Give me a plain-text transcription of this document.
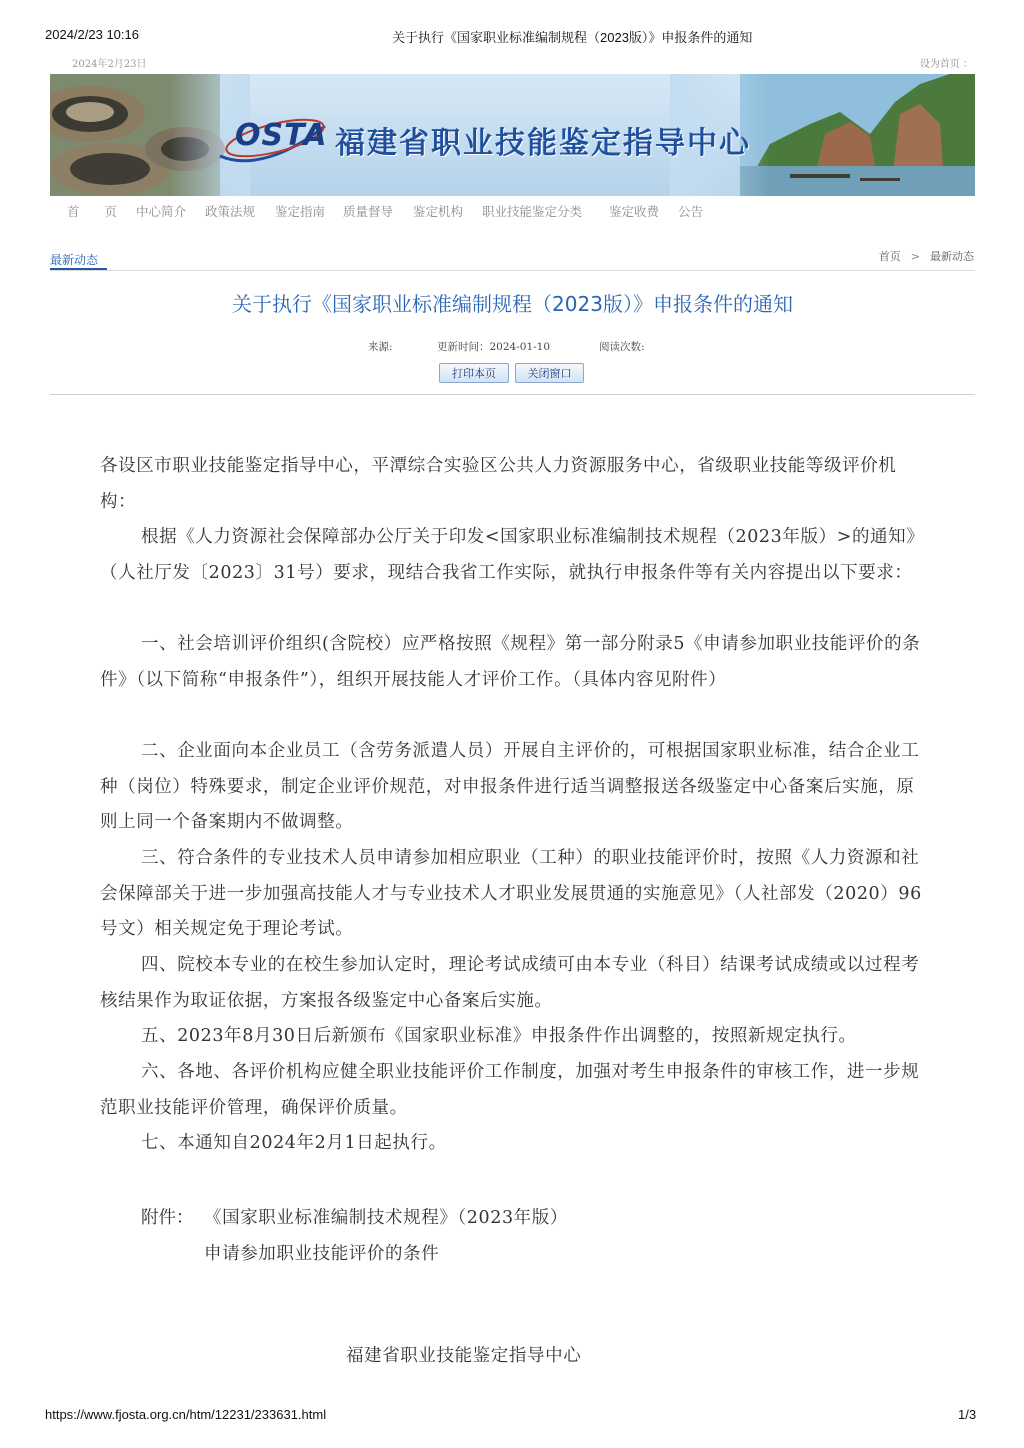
2024/2/23 10:16	关于执行《国家职业标准编制规程（2023版）》申报条件的通知
2024年2月23日	设为首页 ：
OSTA 福建省职业技能鉴定指导中心
首　　页 中心简介 政策法规 鉴定指南 质量督导 鉴定机构 职业技能鉴定分类 鉴定收费 公告
最新动态	首页 > 最新动态
关于执行《国家职业标准编制规程（2023版）》申报条件的通知
来源:	更新时间：2024-01-10	阅读次数:
打印本页	关闭窗口

各设区市职业技能鉴定指导中心，平潭综合实验区公共人力资源服务中心，省级职业技能等级评价机构：

根据《人力资源社会保障部办公厅关于印发<国家职业标准编制技术规程（2023年版）>的通知》（人社厅发〔2023〕31号）要求，现结合我省工作实际，就执行申报条件等有关内容提出以下要求：

一、社会培训评价组织(含院校）应严格按照《规程》第一部分附录5《申请参加职业技能评价的条件》（以下简称“申报条件”），组织开展技能人才评价工作。（具体内容见附件）

二、企业面向本企业员工（含劳务派遣人员）开展自主评价的，可根据国家职业标准，结合企业工种（岗位）特殊要求，制定企业评价规范，对申报条件进行适当调整报送各级鉴定中心备案后实施，原则上同一个备案期内不做调整。

三、符合条件的专业技术人员申请参加相应职业（工种）的职业技能评价时，按照《人力资源和社会保障部关于进一步加强高技能人才与专业技术人才职业发展贯通的实施意见》（人社部发（2020）96号文）相关规定免于理论考试。

四、院校本专业的在校生参加认定时，理论考试成绩可由本专业（科目）结课考试成绩或以过程考核结果作为取证依据，方案报各级鉴定中心备案后实施。

五、2023年8月30日后新颁布《国家职业标准》申报条件作出调整的，按照新规定执行。

六、各地、各评价机构应健全职业技能评价工作制度，加强对考生申报条件的审核工作，进一步规范职业技能评价管理，确保评价质量。

七、本通知自2024年2月1日起执行。

附件： 《国家职业标准编制技术规程》（2023年版）
申请参加职业技能评价的条件
福建省职业技能鉴定指导中心
https://www.fjosta.org.cn/htm/12231/233631.html	1/3
